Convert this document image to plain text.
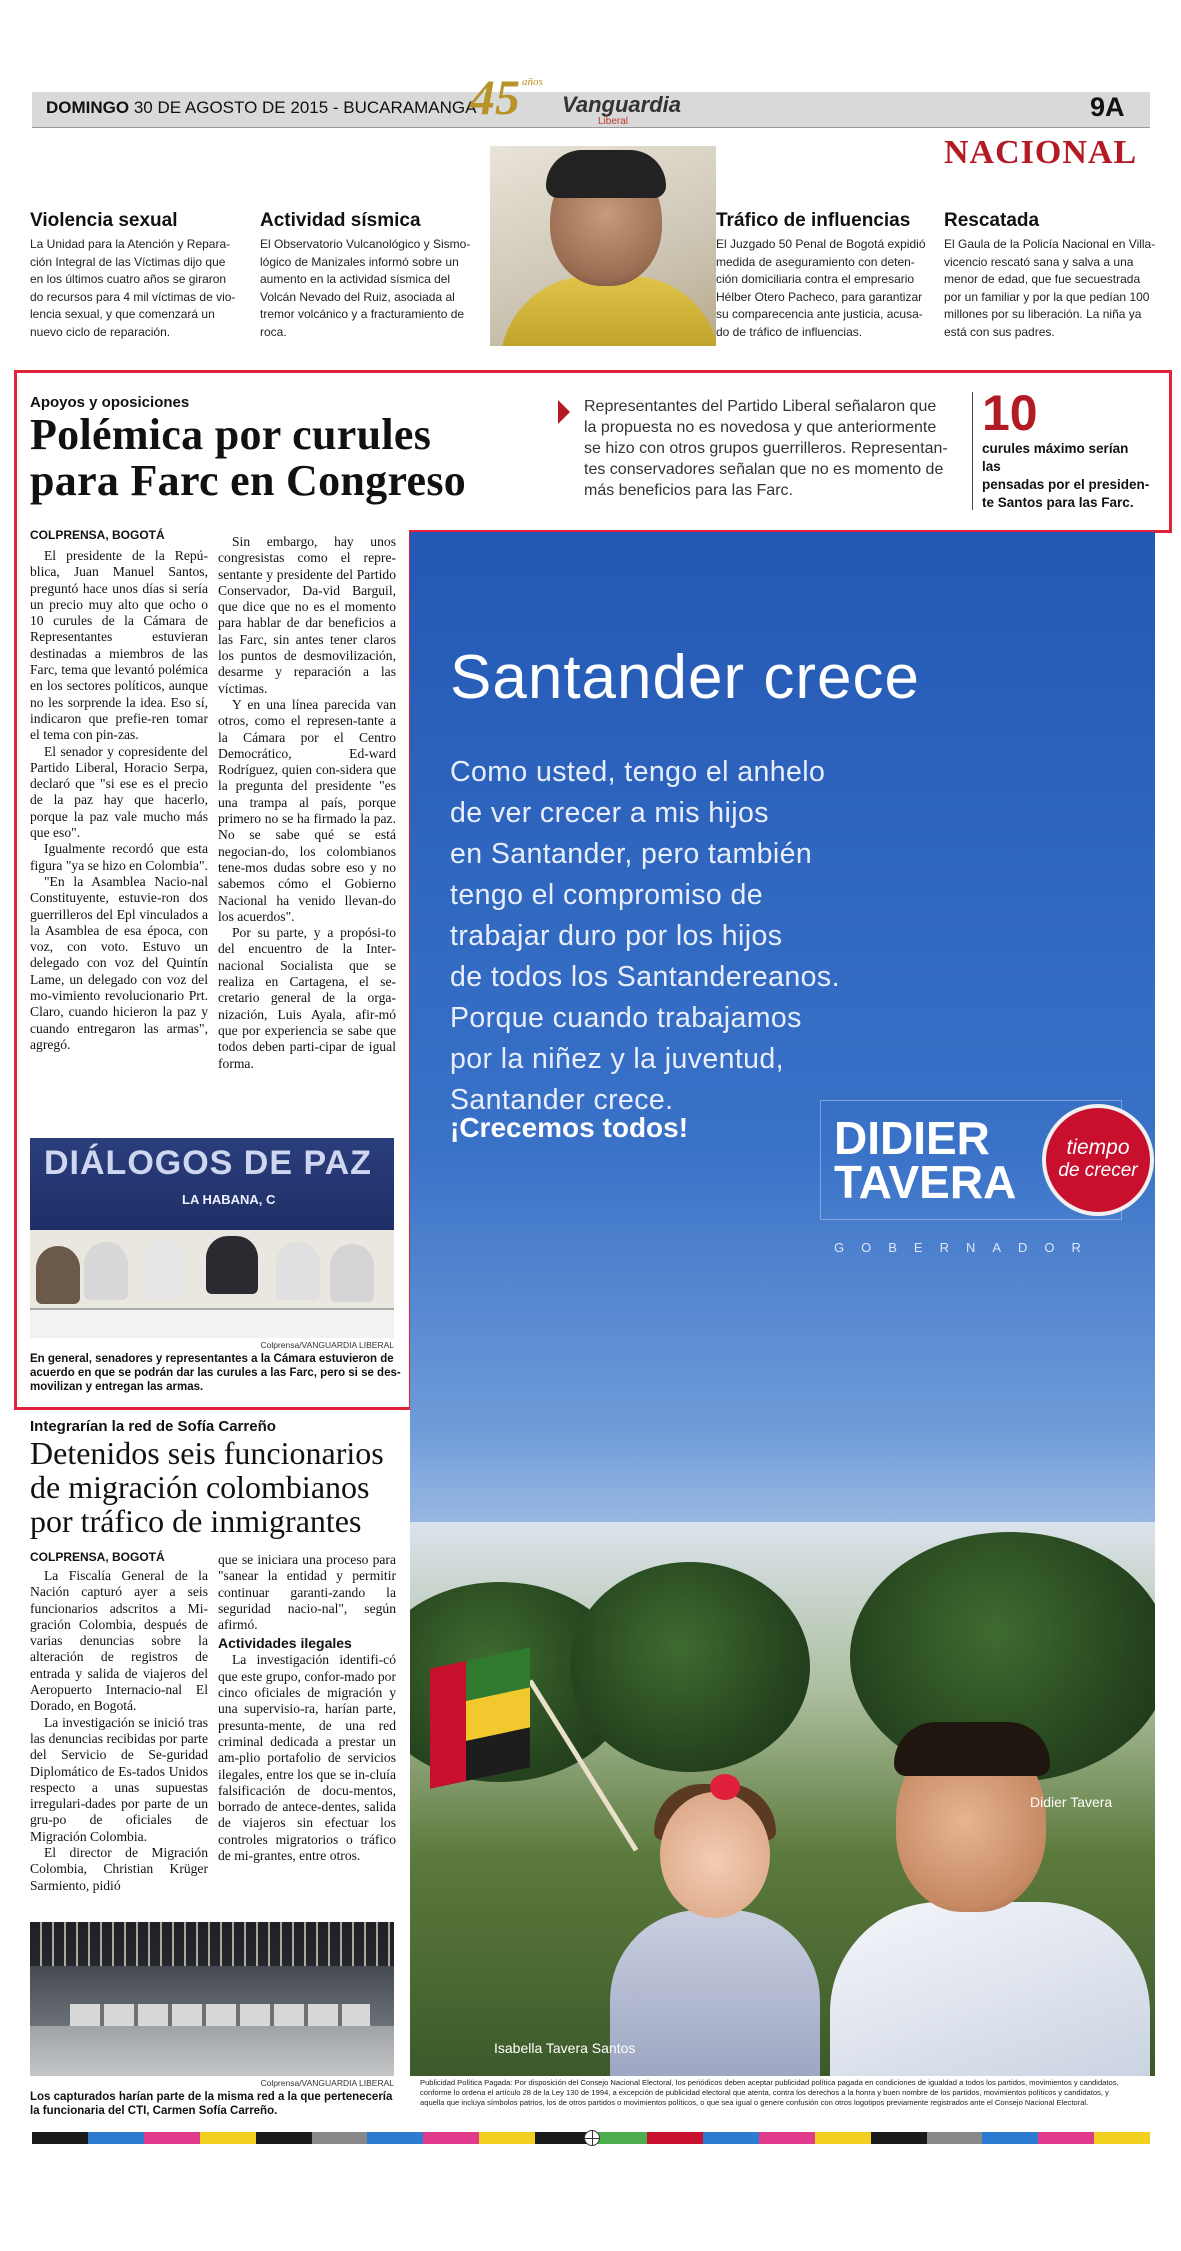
DOMINGO 30 DE AGOSTO DE 2015 - BUCARAMANGA
45 años
Vanguardia
Liberal	9A
NACIONAL
Violencia sexual

La Unidad para la Atención y Repara-
ción Integral de las Víctimas dijo que
en los últimos cuatro años se giraron
do recursos para 4 mil víctimas de vio-
lencia sexual, y que comenzará un
nuevo ciclo de reparación.

Actividad sísmica

El Observatorio Vulcanológico y Sismo-
lógico de Manizales informó sobre un
aumento en la actividad sísmica del
Volcán Nevado del Ruiz, asociada al
tremor volcánico y a fracturamiento de
roca.

Tráfico de influencias

El Juzgado 50 Penal de Bogotá expidió
medida de aseguramiento con deten-
ción domiciliaria contra el empresario
Hélber Otero Pacheco, para garantizar
su comparecencia ante justicia, acusa-
do de tráfico de influencias.

Rescatada

El Gaula de la Policía Nacional en Villa-
vicencio rescató sana y salva a una
menor de edad, que fue secuestrada
por un familiar y por la que pedían 100
millones por su liberación. La niña ya
está con sus padres.

Apoyos y oposiciones
Polémica por curules
para Farc en Congreso
Representantes del Partido Liberal señalaron que
la propuesta no es novedosa y que anteriormente
se hizo con otros grupos guerrilleros. Representan-
tes conservadores señalan que no es momento de
más beneficios para las Farc.
10
curules máximo serían las
pensadas por el presiden-
te Santos para las Farc.
COLPRENSA, BOGOTÁ

El presidente de la Repú-blica, Juan Manuel Santos, preguntó hace unos días si sería un precio muy alto que ocho o 10 curules de la Cámara de Representantes estuvieran destinadas a miembros de las Farc, tema que levantó polémica en los sectores políticos, aunque no les sorprende la idea. Eso sí, indicaron que prefie-ren tomar el tema con pin-zas.

El senador y copresidente del Partido Liberal, Horacio Serpa, declaró que "si ese es el precio de la paz hay que hacerlo, porque la paz vale mucho más que eso".

Igualmente recordó que esta figura "ya se hizo en Colombia".

"En la Asamblea Nacio-nal Constituyente, estuvie-ron dos guerrilleros del Epl vinculados a la Asamblea de esa época, con voz, con voto. Estuvo un delegado con voz del Quintín Lame, un delegado con voz del mo-vimiento revolucionario Prt. Claro, cuando hicieron la paz y cuando entregaron las armas", agregó.

Sin embargo, hay unos congresistas como el repre-sentante y presidente del Partido Conservador, Da-vid Barguil, que dice que no es el momento para hablar de dar beneficios a las Farc, sin antes tener claros los puntos de desmovilización, desarme y reparación a las víctimas.

Y en una línea parecida van otros, como el represen-tante a la Cámara por el Centro Democrático, Ed-ward Rodríguez, quien con-sidera que la pregunta del presidente "es una trampa al país, porque primero no se ha firmado la paz. No se sabe qué se está negocian-do, los colombianos tene-mos dudas sobre eso y no sabemos cómo el Gobierno Nacional ha venido llevan-do los acuerdos".

Por su parte, y a propósi-to del encuentro de la Inter-nacional Socialista que se realiza en Cartagena, el se-cretario general de la orga-nización, Luis Ayala, afir-mó que por experiencia se sabe que todos deben parti-cipar de igual forma.

DIÁLOGOS DE PAZ
LA HABANA, C
Colprensa/VANGUARDIA LIBERAL
En general, senadores y representantes a la Cámara estuvieron de
acuerdo en que se podrán dar las curules a las Farc, pero si se des-
movilizan y entregan las armas.
Integrarían la red de Sofía Carreño
Detenidos seis funcionarios
de migración colombianos
por tráfico de inmigrantes
COLPRENSA, BOGOTÁ

La Fiscalía General de la Nación capturó ayer a seis funcionarios adscritos a Mi-gración Colombia, después de varias denuncias sobre la alteración de registros de entrada y salida de viajeros del Aeropuerto Internacio-nal El Dorado, en Bogotá.

La investigación se inició tras las denuncias recibidas por parte del Servicio de Se-guridad Diplomático de Es-tados Unidos respecto a unas supuestas irregulari-dades por parte de un gru-po de oficiales de Migración Colombia.

El director de Migración Colombia, Christian Krüger Sarmiento, pidió

que se iniciara una proceso para "sanear la entidad y permitir continuar garanti-zando la seguridad nacio-nal", según afirmó.

Actividades ilegales

La investigación identifi-có que este grupo, confor-mado por cinco oficiales de migración y una supervisio-ra, harían parte, presunta-mente, de una red criminal dedicada a prestar un am-plio portafolio de servicios ilegales, entre los que se in-cluía falsificación de docu-mentos, borrado de antece-dentes, salida de viajeros sin efectuar los controles migratorios o tráfico de mi-grantes, entre otros.

Colprensa/VANGUARDIA LIBERAL
Los capturados harían parte de la misma red a la que pertenecería
la funcionaria del CTI, Carmen Sofía Carreño.
Santander crece
Como usted, tengo el anhelo
de ver crecer a mis hijos
en Santander, pero también
tengo el compromiso de
trabajar duro por los hijos
de todos los Santandereanos.
Porque cuando trabajamos
por la niñez y la juventud,
Santander crece.
¡Crecemos todos!	DIDIER
TAVERA
tiempo
de crecer
GOBERNADOR
Didier Tavera
Isabella Tavera Santos
Publicidad Política Pagada: Por disposición del Consejo Nacional Electoral, los periódicos deben aceptar publicidad política pagada en condiciones de igualdad a todos los partidos, movimientos y candidatos,
conforme lo ordena el artículo 28 de la Ley 130 de 1994, a excepción de publicidad electoral que atenta, contra los derechos a la honra y buen nombre de los partidos, movimientos políticos y candidatos, y
aquella que incluya símbolos patrios, los de otros partidos o movimientos políticos, o que sea igual o genere confusión con otros logotipos previamente registrados ante el Consejo Nacional Electoral.
